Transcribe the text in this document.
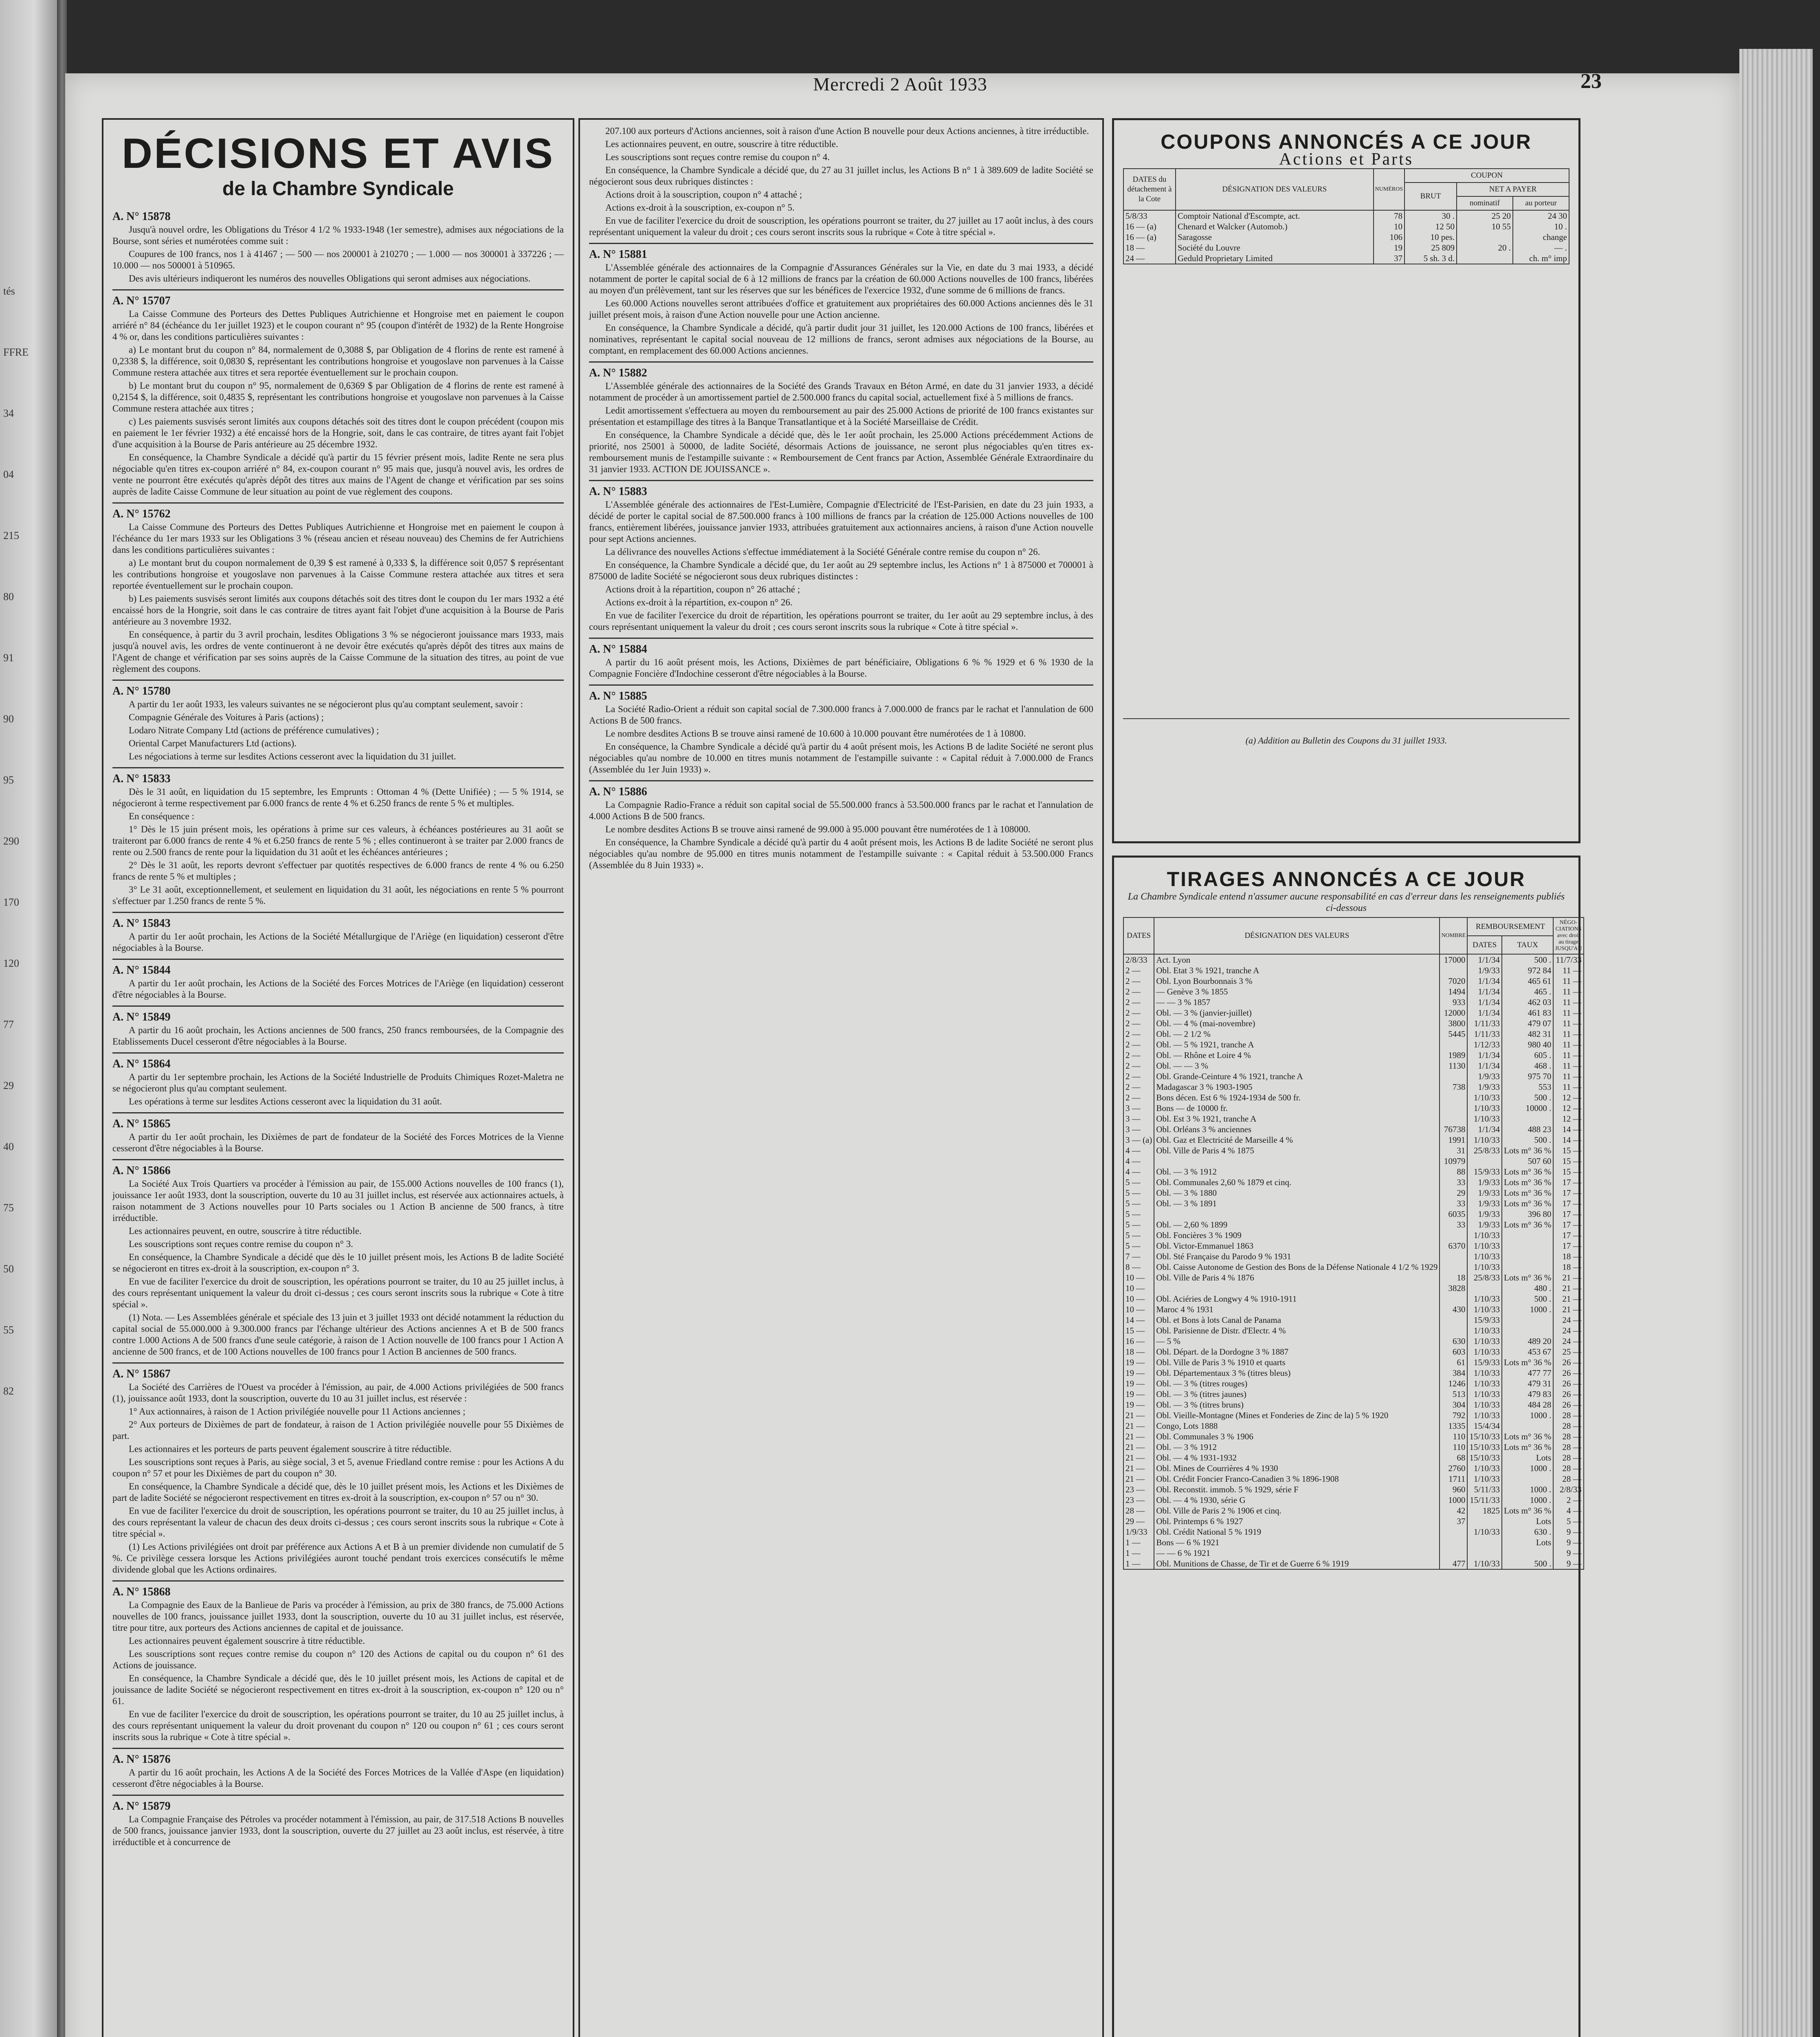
tés
FFRE
34
04
215
80
91
90
95
290
170
120
77
29
40
75
50
55
82
Mercredi 2 Août 1933	23
DÉCISIONS ET AVIS
de la Chambre Syndicale
A. N° 15878

Jusqu'à nouvel ordre, les Obligations du Trésor 4 1/2 % 1933-1948 (1er semestre), admises aux négociations de la Bourse, sont séries et numérotées comme suit :

Coupures de 100 francs, nos 1 à 41467 ; — 500 — nos 200001 à 210270 ; — 1.000 — nos 300001 à 337226 ; — 10.000 — nos 500001 à 510965.

Des avis ultérieurs indiqueront les numéros des nouvelles Obligations qui seront admises aux négociations.

A. N° 15707

La Caisse Commune des Porteurs des Dettes Publiques Autrichienne et Hongroise met en paiement le coupon arriéré n° 84 (échéance du 1er juillet 1923) et le coupon courant n° 95 (coupon d'intérêt de 1932) de la Rente Hongroise 4 % or, dans les conditions particulières suivantes :

a) Le montant brut du coupon n° 84, normalement de 0,3088 $, par Obligation de 4 florins de rente est ramené à 0,2338 $, la différence, soit 0,0830 $, représentant les contributions hongroise et yougoslave non parvenues à la Caisse Commune restera attachée aux titres et sera reportée éventuellement sur le prochain coupon.

b) Le montant brut du coupon n° 95, normalement de 0,6369 $ par Obligation de 4 florins de rente est ramené à 0,2154 $, la différence, soit 0,4835 $, représentant les contributions hongroise et yougoslave non parvenues à la Caisse Commune restera attachée aux titres ;

c) Les paiements susvisés seront limités aux coupons détachés soit des titres dont le coupon précédent (coupon mis en paiement le 1er février 1932) a été encaissé hors de la Hongrie, soit, dans le cas contraire, de titres ayant fait l'objet d'une acquisition à la Bourse de Paris antérieure au 25 décembre 1932.

En conséquence, la Chambre Syndicale a décidé qu'à partir du 15 février présent mois, ladite Rente ne sera plus négociable qu'en titres ex-coupon arriéré n° 84, ex-coupon courant n° 95 mais que, jusqu'à nouvel avis, les ordres de vente ne pourront être exécutés qu'après dépôt des titres aux mains de l'Agent de change et vérification par ses soins auprès de ladite Caisse Commune de leur situation au point de vue règlement des coupons.

A. N° 15762

La Caisse Commune des Porteurs des Dettes Publiques Autrichienne et Hongroise met en paiement le coupon à l'échéance du 1er mars 1933 sur les Obligations 3 % (réseau ancien et réseau nouveau) des Chemins de fer Autrichiens dans les conditions particulières suivantes :

a) Le montant brut du coupon normalement de 0,39 $ est ramené à 0,333 $, la différence soit 0,057 $ représentant les contributions hongroise et yougoslave non parvenues à la Caisse Commune restera attachée aux titres et sera reportée éventuellement sur le prochain coupon.

b) Les paiements susvisés seront limités aux coupons détachés soit des titres dont le coupon du 1er mars 1932 a été encaissé hors de la Hongrie, soit dans le cas contraire de titres ayant fait l'objet d'une acquisition à la Bourse de Paris antérieure au 3 novembre 1932.

En conséquence, à partir du 3 avril prochain, lesdites Obligations 3 % se négocieront jouissance mars 1933, mais jusqu'à nouvel avis, les ordres de vente continueront à ne devoir être exécutés qu'après dépôt des titres aux mains de l'Agent de change et vérification par ses soins auprès de la Caisse Commune de la situation des titres, au point de vue règlement des coupons.

A. N° 15780

A partir du 1er août 1933, les valeurs suivantes ne se négocieront plus qu'au comptant seulement, savoir :

Compagnie Générale des Voitures à Paris (actions) ;

Lodaro Nitrate Company Ltd (actions de préférence cumulatives) ;

Oriental Carpet Manufacturers Ltd (actions).

Les négociations à terme sur lesdites Actions cesseront avec la liquidation du 31 juillet.

A. N° 15833

Dès le 31 août, en liquidation du 15 septembre, les Emprunts : Ottoman 4 % (Dette Unifiée) ; — 5 % 1914, se négocieront à terme respectivement par 6.000 francs de rente 4 % et 6.250 francs de rente 5 % et multiples.

En conséquence :

1° Dès le 15 juin présent mois, les opérations à prime sur ces valeurs, à échéances postérieures au 31 août se traiteront par 6.000 francs de rente 4 % et 6.250 francs de rente 5 % ; elles continueront à se traiter par 2.000 francs de rente ou 2.500 francs de rente pour la liquidation du 31 août et les échéances antérieures ;

2° Dès le 31 août, les reports devront s'effectuer par quotités respectives de 6.000 francs de rente 4 % ou 6.250 francs de rente 5 % et multiples ;

3° Le 31 août, exceptionnellement, et seulement en liquidation du 31 août, les négociations en rente 5 % pourront s'effectuer par 1.250 francs de rente 5 %.

A. N° 15843

A partir du 1er août prochain, les Actions de la Société Métallurgique de l'Ariège (en liquidation) cesseront d'être négociables à la Bourse.

A. N° 15844

A partir du 1er août prochain, les Actions de la Société des Forces Motrices de l'Ariège (en liquidation) cesseront d'être négociables à la Bourse.

A. N° 15849

A partir du 16 août prochain, les Actions anciennes de 500 francs, 250 francs remboursées, de la Compagnie des Etablissements Ducel cesseront d'être négociables à la Bourse.

A. N° 15864

A partir du 1er septembre prochain, les Actions de la Société Industrielle de Produits Chimiques Rozet-Maletra ne se négocieront plus qu'au comptant seulement.

Les opérations à terme sur lesdites Actions cesseront avec la liquidation du 31 août.

A. N° 15865

A partir du 1er août prochain, les Dixièmes de part de fondateur de la Société des Forces Motrices de la Vienne cesseront d'être négociables à la Bourse.

A. N° 15866

La Société Aux Trois Quartiers va procéder à l'émission au pair, de 155.000 Actions nouvelles de 100 francs (1), jouissance 1er août 1933, dont la souscription, ouverte du 10 au 31 juillet inclus, est réservée aux actionnaires actuels, à raison notamment de 3 Actions nouvelles pour 10 Parts sociales ou 1 Action B ancienne de 500 francs, à titre irréductible.

Les actionnaires peuvent, en outre, souscrire à titre réductible.

Les souscriptions sont reçues contre remise du coupon n° 3.

En conséquence, la Chambre Syndicale a décidé que dès le 10 juillet présent mois, les Actions B de ladite Société se négocieront en titres ex-droit à la souscription, ex-coupon n° 3.

En vue de faciliter l'exercice du droit de souscription, les opérations pourront se traiter, du 10 au 25 juillet inclus, à des cours représentant uniquement la valeur du droit ci-dessus ; ces cours seront inscrits sous la rubrique « Cote à titre spécial ».

(1) Nota. — Les Assemblées générale et spéciale des 13 juin et 3 juillet 1933 ont décidé notamment la réduction du capital social de 55.000.000 à 9.300.000 francs par l'échange ultérieur des Actions anciennes A et B de 500 francs contre 1.000 Actions A de 500 francs d'une seule catégorie, à raison de 1 Action nouvelle de 100 francs pour 1 Action A ancienne de 500 francs, et de 100 Actions nouvelles de 100 francs pour 1 Action B anciennes de 500 francs.

A. N° 15867

La Société des Carrières de l'Ouest va procéder à l'émission, au pair, de 4.000 Actions privilégiées de 500 francs (1), jouissance août 1933, dont la souscription, ouverte du 10 au 31 juillet inclus, est réservée :

1° Aux actionnaires, à raison de 1 Action privilégiée nouvelle pour 11 Actions anciennes ;

2° Aux porteurs de Dixièmes de part de fondateur, à raison de 1 Action privilégiée nouvelle pour 55 Dixièmes de part.

Les actionnaires et les porteurs de parts peuvent également souscrire à titre réductible.

Les souscriptions sont reçues à Paris, au siège social, 3 et 5, avenue Friedland contre remise : pour les Actions A du coupon n° 57 et pour les Dixièmes de part du coupon n° 30.

En conséquence, la Chambre Syndicale a décidé que, dès le 10 juillet présent mois, les Actions et les Dixièmes de part de ladite Société se négocieront respectivement en titres ex-droit à la souscription, ex-coupon n° 57 ou n° 30.

En vue de faciliter l'exercice du droit de souscription, les opérations pourront se traiter, du 10 au 25 juillet inclus, à des cours représentant la valeur de chacun des deux droits ci-dessus ; ces cours seront inscrits sous la rubrique « Cote à titre spécial ».

(1) Les Actions privilégiées ont droit par préférence aux Actions A et B à un premier dividende non cumulatif de 5 %. Ce privilège cessera lorsque les Actions privilégiées auront touché pendant trois exercices consécutifs le même dividende global que les Actions ordinaires.

A. N° 15868

La Compagnie des Eaux de la Banlieue de Paris va procéder à l'émission, au prix de 380 francs, de 75.000 Actions nouvelles de 100 francs, jouissance juillet 1933, dont la souscription, ouverte du 10 au 31 juillet inclus, est réservée, titre pour titre, aux porteurs des Actions anciennes de capital et de jouissance.

Les actionnaires peuvent également souscrire à titre réductible.

Les souscriptions sont reçues contre remise du coupon n° 120 des Actions de capital ou du coupon n° 61 des Actions de jouissance.

En conséquence, la Chambre Syndicale a décidé que, dès le 10 juillet présent mois, les Actions de capital et de jouissance de ladite Société se négocieront respectivement en titres ex-droit à la souscription, ex-coupon n° 120 ou n° 61.

En vue de faciliter l'exercice du droit de souscription, les opérations pourront se traiter, du 10 au 25 juillet inclus, à des cours représentant uniquement la valeur du droit provenant du coupon n° 120 ou coupon n° 61 ; ces cours seront inscrits sous la rubrique « Cote à titre spécial ».

A. N° 15876

A partir du 16 août prochain, les Actions A de la Société des Forces Motrices de la Vallée d'Aspe (en liquidation) cesseront d'être négociables à la Bourse.

A. N° 15879

La Compagnie Française des Pétroles va procéder notamment à l'émission, au pair, de 317.518 Actions B nouvelles de 500 francs, jouissance janvier 1933, dont la souscription, ouverte du 27 juillet au 23 août inclus, est réservée, à titre irréductible et à concurrence de

207.100 aux porteurs d'Actions anciennes, soit à raison d'une Action B nouvelle pour deux Actions anciennes, à titre irréductible.

Les actionnaires peuvent, en outre, souscrire à titre réductible.

Les souscriptions sont reçues contre remise du coupon n° 4.

En conséquence, la Chambre Syndicale a décidé que, du 27 au 31 juillet inclus, les Actions B n° 1 à 389.609 de ladite Société se négocieront sous deux rubriques distinctes :

Actions droit à la souscription, coupon n° 4 attaché ;

Actions ex-droit à la souscription, ex-coupon n° 5.

En vue de faciliter l'exercice du droit de souscription, les opérations pourront se traiter, du 27 juillet au 17 août inclus, à des cours représentant uniquement la valeur du droit ; ces cours seront inscrits sous la rubrique « Cote à titre spécial ».

A. N° 15881

L'Assemblée générale des actionnaires de la Compagnie d'Assurances Générales sur la Vie, en date du 3 mai 1933, a décidé notamment de porter le capital social de 6 à 12 millions de francs par la création de 60.000 Actions nouvelles de 100 francs, libérées au moyen d'un prélèvement, tant sur les réserves que sur les bénéfices de l'exercice 1932, d'une somme de 6 millions de francs.

Les 60.000 Actions nouvelles seront attribuées d'office et gratuitement aux propriétaires des 60.000 Actions anciennes dès le 31 juillet présent mois, à raison d'une Action nouvelle pour une Action ancienne.

En conséquence, la Chambre Syndicale a décidé, qu'à partir dudit jour 31 juillet, les 120.000 Actions de 100 francs, libérées et nominatives, représentant le capital social nouveau de 12 millions de francs, seront admises aux négociations de la Bourse, au comptant, en remplacement des 60.000 Actions anciennes.

A. N° 15882

L'Assemblée générale des actionnaires de la Société des Grands Travaux en Béton Armé, en date du 31 janvier 1933, a décidé notamment de procéder à un amortissement partiel de 2.500.000 francs du capital social, actuellement fixé à 5 millions de francs.

Ledit amortissement s'effectuera au moyen du remboursement au pair des 25.000 Actions de priorité de 100 francs existantes sur présentation et estampillage des titres à la Banque Transatlantique et à la Société Marseillaise de Crédit.

En conséquence, la Chambre Syndicale a décidé que, dès le 1er août prochain, les 25.000 Actions précédemment Actions de priorité, nos 25001 à 50000, de ladite Société, désormais Actions de jouissance, ne seront plus négociables qu'en titres ex-remboursement munis de l'estampille suivante : « Remboursement de Cent francs par Action, Assemblée Générale Extraordinaire du 31 janvier 1933. ACTION DE JOUISSANCE ».

A. N° 15883

L'Assemblée générale des actionnaires de l'Est-Lumière, Compagnie d'Electricité de l'Est-Parisien, en date du 23 juin 1933, a décidé de porter le capital social de 87.500.000 francs à 100 millions de francs par la création de 125.000 Actions nouvelles de 100 francs, entièrement libérées, jouissance janvier 1933, attribuées gratuitement aux actionnaires anciens, à raison d'une Action nouvelle pour sept Actions anciennes.

La délivrance des nouvelles Actions s'effectue immédiatement à la Société Générale contre remise du coupon n° 26.

En conséquence, la Chambre Syndicale a décidé que, du 1er août au 29 septembre inclus, les Actions n° 1 à 875000 et 700001 à 875000 de ladite Société se négocieront sous deux rubriques distinctes :

Actions droit à la répartition, coupon n° 26 attaché ;

Actions ex-droit à la répartition, ex-coupon n° 26.

En vue de faciliter l'exercice du droit de répartition, les opérations pourront se traiter, du 1er août au 29 septembre inclus, à des cours représentant uniquement la valeur du droit ; ces cours seront inscrits sous la rubrique « Cote à titre spécial ».

A. N° 15884

A partir du 16 août présent mois, les Actions, Dixièmes de part bénéficiaire, Obligations 6 % % 1929 et 6 % 1930 de la Compagnie Foncière d'Indochine cesseront d'être négociables à la Bourse.

A. N° 15885

La Société Radio-Orient a réduit son capital social de 7.300.000 francs à 7.000.000 de francs par le rachat et l'annulation de 600 Actions B de 500 francs.

Le nombre desdites Actions B se trouve ainsi ramené de 10.600 à 10.000 pouvant être numérotées de 1 à 10800.

En conséquence, la Chambre Syndicale a décidé qu'à partir du 4 août présent mois, les Actions B de ladite Société ne seront plus négociables qu'au nombre de 10.000 en titres munis notamment de l'estampille suivante : « Capital réduit à 7.000.000 de Francs (Assemblée du 1er Juin 1933) ».

A. N° 15886

La Compagnie Radio-France a réduit son capital social de 55.500.000 francs à 53.500.000 francs par le rachat et l'annulation de 4.000 Actions B de 500 francs.

Le nombre desdites Actions B se trouve ainsi ramené de 99.000 à 95.000 pouvant être numérotées de 1 à 108000.

En conséquence, la Chambre Syndicale a décidé qu'à partir du 4 août présent mois, les Actions B de ladite Société ne seront plus négociables qu'au nombre de 95.000 en titres munis notamment de l'estampille suivante : « Capital réduit à 53.500.000 Francs (Assemblée du 8 Juin 1933) ».

COUPONS ANNONCÉS A CE JOUR
Actions et Parts
DATES du détachement à la Cote	DÉSIGNATION DES VALEURS	NUMÉROS	COUPON		
			BRUT	NET A PAYER	
				nominatif	au porteur
5/8/33	Comptoir National d'Escompte, act.	78	30 .	25 20	24 30
16 — (a)	Chenard et Walcker (Automob.)	10	12 50	10 55	10 .
16 — (a)	Saragosse	106	10 pes.		change
18 —	Société du Louvre	19	25 809	20 .	— .
24 —	Geduld Proprietary Limited	37	5 sh. 3 d.		ch. m° imp
(a) Addition au Bulletin des Coupons du 31 juillet 1933.
TIRAGES ANNONCÉS A CE JOUR
La Chambre Syndicale entend n'assumer aucune responsabilité en cas d'erreur dans les renseignements publiés ci-dessous
DATES	DÉSIGNATION DES VALEURS	NOMBRE	REMBOURSEMENT		NÉGO-CIATIONS avec droit au tirage JUSQU'AU
			DATES	TAUX	
2/8/33	Act. Lyon	17000	1/1/34	500 .	11/7/33
2 —	Obl. Etat 3 % 1921, tranche A		1/9/33	972 84	11 —
2 —	Obl. Lyon Bourbonnais 3 %	7020	1/1/34	465 61	11 —
2 —	— Genève 3 % 1855	1494	1/1/34	465 .	11 —
2 —	— — 3 % 1857	933	1/1/34	462 03	11 —
2 —	Obl. — 3 % (janvier-juillet)	12000	1/1/34	461 83	11 —
2 —	Obl. — 4 % (mai-novembre)	3800	1/11/33	479 07	11 —
2 —	Obl. — 2 1/2 %	5445	1/11/33	482 31	11 —
2 —	Obl. — 5 % 1921, tranche A		1/12/33	980 40	11 —
2 —	Obl. — Rhône et Loire 4 %	1989	1/1/34	605 .	11 —
2 —	Obl. — — 3 %	1130	1/1/34	468 .	11 —
2 —	Obl. Grande-Ceinture 4 % 1921, tranche A		1/9/33	975 70	11 —
2 —	Madagascar 3 % 1903-1905	738	1/9/33	553	11 —
2 —	Bons décen. Est 6 % 1924-1934 de 500 fr.		1/10/33	500 .	12 —
3 —	Bons — de 10000 fr.		1/10/33	10000 .	12 —
3 —	Obl. Est 3 % 1921, tranche A		1/10/33		12 —
3 —	Obl. Orléans 3 % anciennes	76738	1/1/34	488 23	14 —
3 — (a)	Obl. Gaz et Electricité de Marseille 4 %	1991	1/10/33	500 .	14 —
4 —	Obl. Ville de Paris 4 % 1875	31	25/8/33	Lots m° 36 %	15 —
4 —		10979		507 60	15 —
4 —	Obl. — 3 % 1912	88	15/9/33	Lots m° 36 %	15 —
5 —	Obl. Communales 2,60 % 1879 et cinq.	33	1/9/33	Lots m° 36 %	17 —
5 —	Obl. — 3 % 1880	29	1/9/33	Lots m° 36 %	17 —
5 —	Obl. — 3 % 1891	33	1/9/33	Lots m° 36 %	17 —
5 —		6035	1/9/33	396 80	17 —
5 —	Obl. — 2,60 % 1899	33	1/9/33	Lots m° 36 %	17 —
5 —	Obl. Foncières 3 % 1909		1/10/33		17 —
5 —	Obl. Victor-Emmanuel 1863	6370	1/10/33		17 —
7 —	Obl. Sté Française du Parodo 9 % 1931		1/10/33		18 —
8 —	Obl. Caisse Autonome de Gestion des Bons de la Défense Nationale 4 1/2 % 1929		1/10/33		18 —
10 —	Obl. Ville de Paris 4 % 1876	18	25/8/33	Lots m° 36 %	21 —
10 —		3828		480 .	21 —
10 —	Obl. Aciéries de Longwy 4 % 1910-1911		1/10/33	500 .	21 —
10 —	Maroc 4 % 1931	430	1/10/33	1000 .	21 —
14 —	Obl. et Bons à lots Canal de Panama		15/9/33		24 —
15 —	Obl. Parisienne de Distr. d'Electr. 4 %		1/10/33		24 —
16 —	— 5 %	630	1/10/33	489 20	24 —
18 —	Obl. Départ. de la Dordogne 3 % 1887	603	1/10/33	453 67	25 —
19 —	Obl. Ville de Paris 3 % 1910 et quarts	61	15/9/33	Lots m° 36 %	26 —
19 —	Obl. Départementaux 3 % (titres bleus)	384	1/10/33	477 77	26 —
19 —	Obl. — 3 % (titres rouges)	1246	1/10/33	479 31	26 —
19 —	Obl. — 3 % (titres jaunes)	513	1/10/33	479 83	26 —
19 —	Obl. — 3 % (titres bruns)	304	1/10/33	484 28	26 —
21 —	Obl. Vieille-Montagne (Mines et Fonderies de Zinc de la) 5 % 1920	792	1/10/33	1000 .	28 —
21 —	Congo, Lots 1888	1335	15/4/34		28 —
21 —	Obl. Communales 3 % 1906	110	15/10/33	Lots m° 36 %	28 —
21 —	Obl. — 3 % 1912	110	15/10/33	Lots m° 36 %	28 —
21 —	Obl. — 4 % 1931-1932	68	15/10/33	Lots	28 —
21 —	Obl. Mines de Courrières 4 % 1930	2760	1/10/33	1000 .	28 —
21 —	Obl. Crédit Foncier Franco-Canadien 3 % 1896-1908	1711	1/10/33		28 —
23 —	Obl. Reconstit. immob. 5 % 1929, série F	960	5/11/33	1000 .	2/8/33
23 —	Obl. — 4 % 1930, série G	1000	15/11/33	1000 .	2 —
28 —	Obl. Ville de Paris 2 % 1906 et cinq.	42	1825	Lots m° 36 %	4 —
29 —	Obl. Printemps 6 % 1927	37		Lots	5 —
1/9/33	Obl. Crédit National 5 % 1919		1/10/33	630 .	9 —
1 —	Bons — 6 % 1921			Lots	9 —
1 —	— — 6 % 1921				9 —
1 —	Obl. Munitions de Chasse, de Tir et de Guerre 6 % 1919	477	1/10/33	500 .	9 —
